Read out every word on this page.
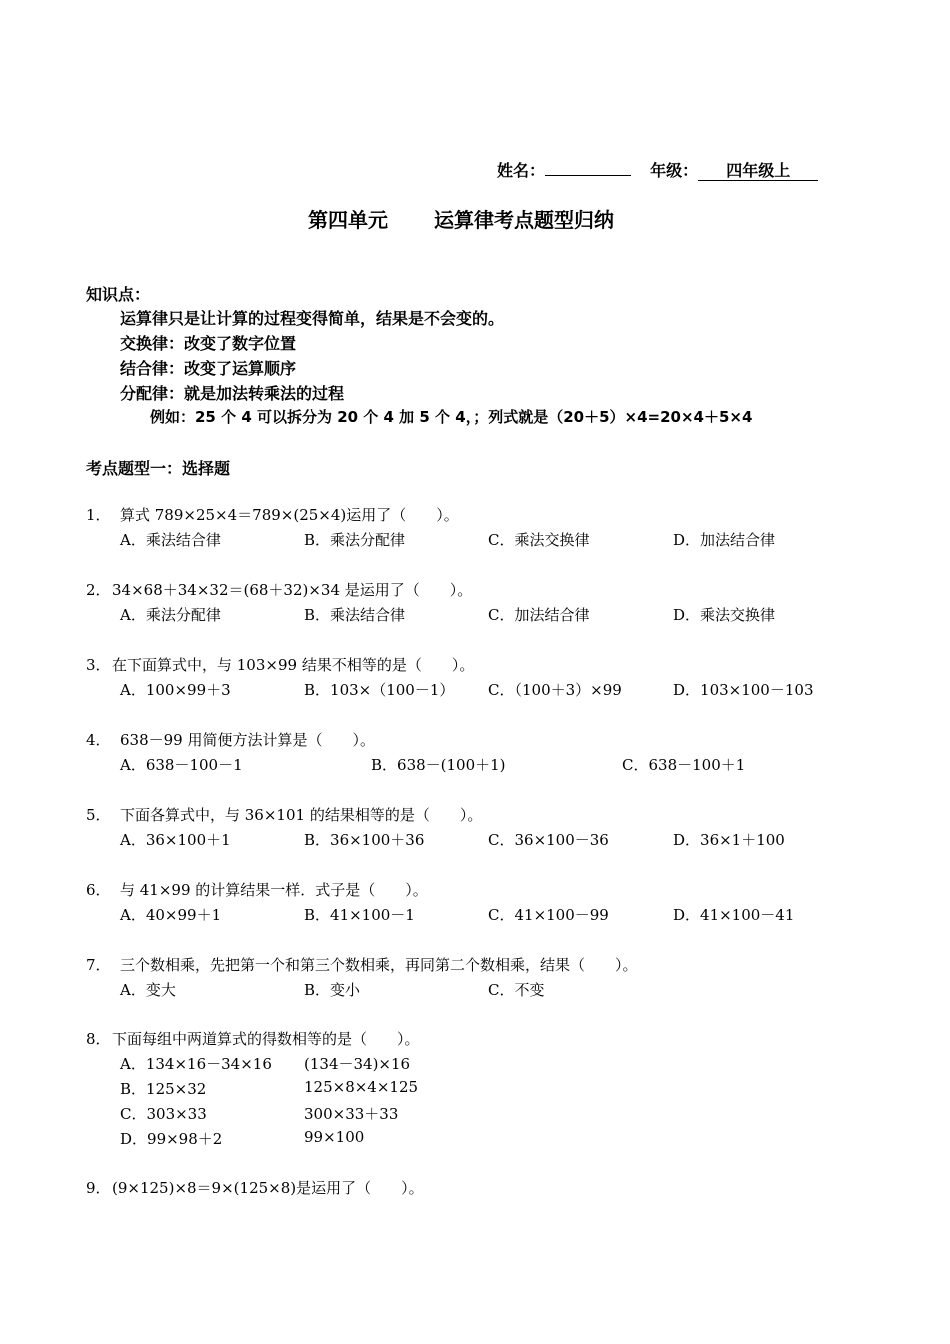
姓名：	年级： 四年级上
第四单元 运算律考点题型归纳
知识点：
运算律只是让计算的过程变得简单，结果是不会变的。
交换律：改变了数字位置
结合律：改变了运算顺序
分配律：就是加法转乘法的过程
例如：25 个 4 可以拆分为 20 个 4 加 5 个 4，；列式就是（20＋5）×4=20×4＋5×4
考点题型一：选择题
1． 算式 789×25×4＝789×(25×4)运用了（　　）。
A．乘法结合律	B．乘法分配律	C．乘法交换律	D．加法结合律
2． 34×68＋34×32＝(68＋32)×34 是运用了（　　）。
A．乘法分配律	B．乘法结合律	C．加法结合律	D．乘法交换律
3． 在下面算式中，与 103×99 结果不相等的是（　　）。
A．100×99＋3	B．103×（100－1） C．（100＋3）×99	D．103×100－103
4． 638－99 用简便方法计算是（　　）。
A．638－100－1	B．638－(100＋1)	C．638－100＋1
5． 下面各算式中，与 36×101 的结果相等的是（　　）。
A．36×100＋1	B．36×100＋36	C．36×100－36	D．36×1＋100
6． 与 41×99 的计算结果一样．式子是（　　）。
A．40×99＋1	B．41×100－1	C．41×100－99	D．41×100－41
7． 三个数相乘，先把第一个和第三个数相乘，再同第二个数相乘，结果（　　）。
A．变大	B．变小	C．不变
8． 下面每组中两道算式的得数相等的是（　　）。
A．134×16－34×16 (134－34)×16
B．125×32	125×8×4×125
C．303×33	300×33＋33
D．99×98＋2	99×100
9． (9×125)×8＝9×(125×8)是运用了（　　）。
